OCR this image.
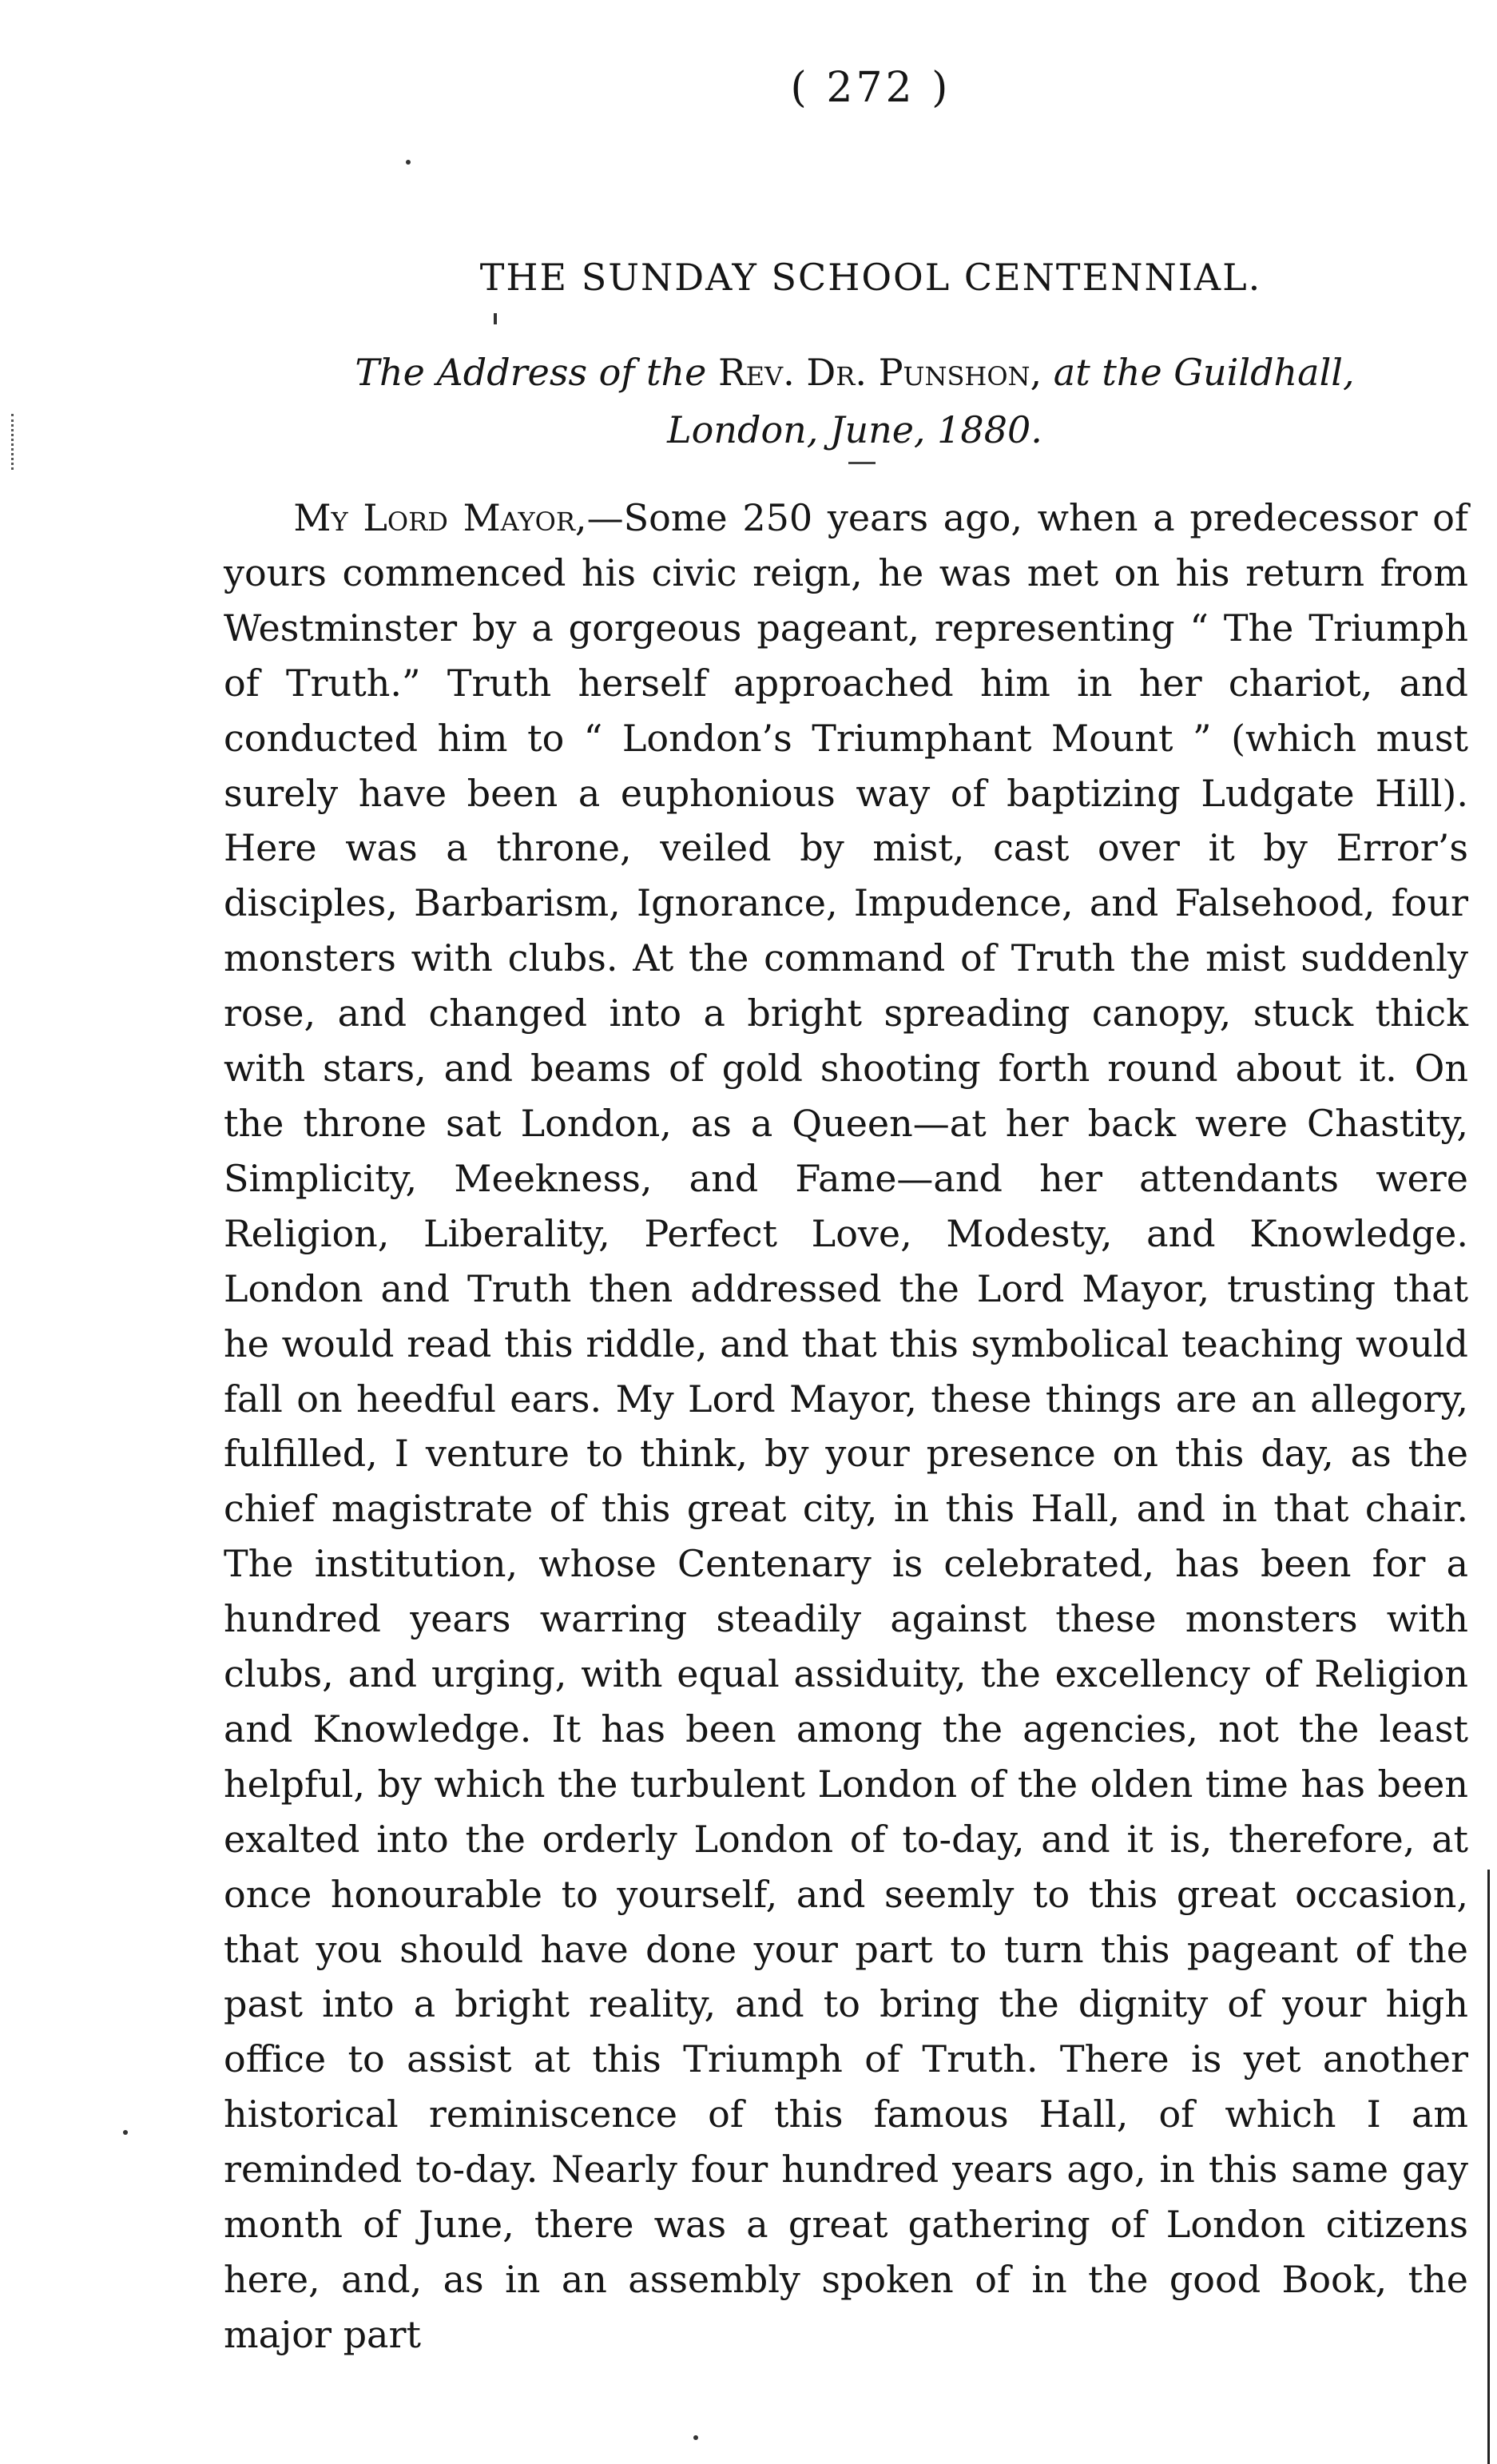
( 272 )
THE SUNDAY SCHOOL CENTENNIAL.
The Address of the Rev. Dr. Punshon, at the Guildhall,
London, June, 1880.

My Lord Mayor,—Some 250 years ago, when a predecessor of yours commenced his civic reign, he was met on his return from Westminster by a gorgeous pageant, representing “ The Triumph of Truth.” Truth herself approached him in her chariot, and conducted him to “ London’s Triumphant Mount ” (which must surely have been a euphonious way of baptizing Ludgate Hill). Here was a throne, veiled by mist, cast over it by Error’s disciples, Barbarism, Ignorance, Impudence, and Falsehood, four monsters with clubs. At the command of Truth the mist suddenly rose, and changed into a bright spreading canopy, stuck thick with stars, and beams of gold shooting forth round about it. On the throne sat London, as a Queen—at her back were Chastity, Simplicity, Meekness, and Fame—and her attendants were Religion, Liberality, Perfect Love, Modesty, and Knowledge. London and Truth then addressed the Lord Mayor, trusting that he would read this riddle, and that this symbolical teaching would fall on heedful ears. My Lord Mayor, these things are an allegory, fulfilled, I venture to think, by your presence on this day, as the chief magistrate of this great city, in this Hall, and in that chair. The institution, whose Centenary is celebrated, has been for a hundred years warring steadily against these monsters with clubs, and urging, with equal assiduity, the excellency of Religion and Knowledge. It has been among the agencies, not the least helpful, by which the turbulent London of the olden time has been exalted into the orderly London of to-day, and it is, therefore, at once honourable to yourself, and seemly to this great occasion, that you should have done your part to turn this pageant of the past into a bright reality, and to bring the dignity of your high office to assist at this Triumph of Truth. There is yet another historical reminiscence of this famous Hall, of which I am reminded to-day. Nearly four hundred years ago, in this same gay month of June, there was a great gathering of London citizens here, and, as in an assembly spoken of in the good Book, the major part
